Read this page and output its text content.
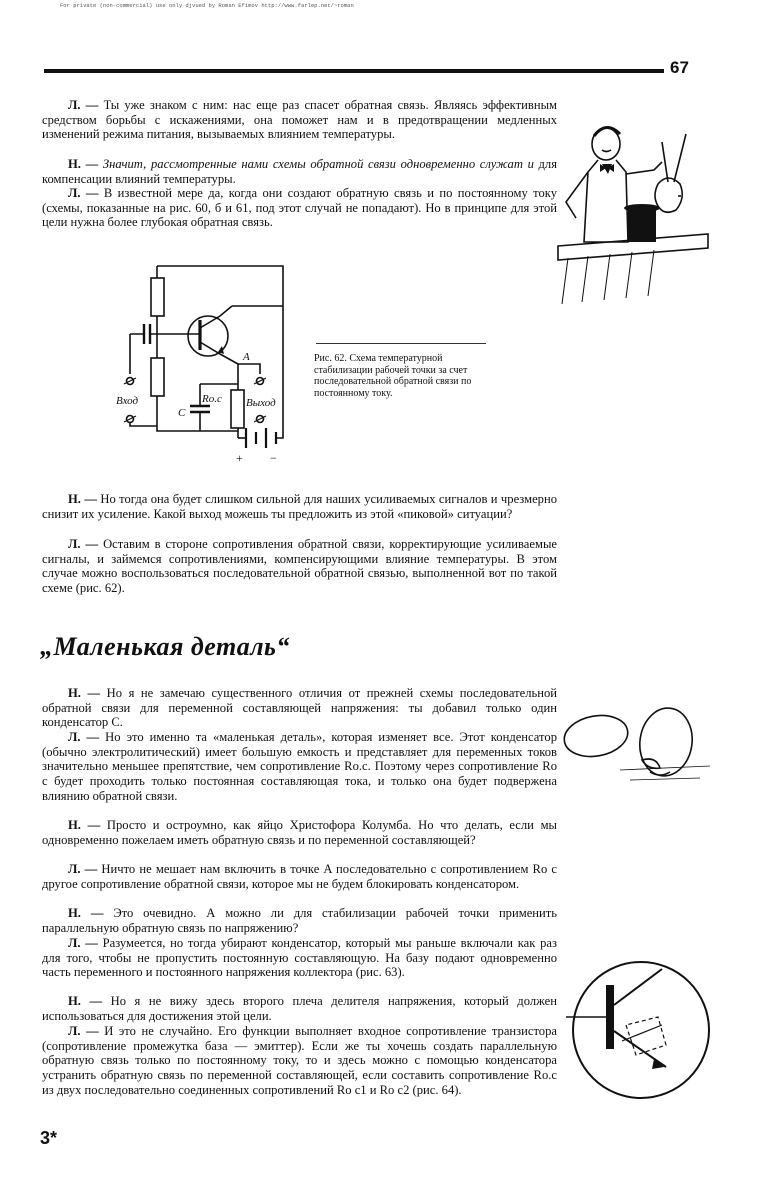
For private (non-commercial) use only djvued by Roman Efimov http://www.farlep.net/~roman
67

Л. — Ты уже знаком с ним: нас еще раз спасет обратная связь. Являясь эффективным средством борьбы с искажениями, она поможет нам и в предотвращении медленных изменений режима питания, вызываемых влиянием температуры.

Н. — Значит, рассмотренные нами схемы обратной связи одновременно служат и для компенсации влияний температуры.

Л. — В известной мере да, когда они создают обратную связь и по постоянному току (схемы, показанные на рис. 60, б и 61, под этот случай не попадают). Но в принципе для этой цели нужна более глубокая обратная связь.

Вход
A
Выход
C
Rо.с
+ −

Рис. 62. Схема температурной стабилизации рабочей точки за счет последовательной обратной связи по постоянному току.

Н. — Но тогда она будет слишком сильной для наших усиливаемых сигналов и чрезмерно снизит их усиление. Какой выход можешь ты предложить из этой «пиковой» ситуации?

Л. — Оставим в стороне сопротивления обратной связи, корректирующие усиливаемые сигналы, и займемся сопротивлениями, компенсирующими влияние температуры. В этом случае можно воспользоваться последовательной обратной связью, выполненной вот по такой схеме (рис. 62).

„Маленькая деталь“

Н. — Но я не замечаю существенного отличия от прежней схемы последовательной обратной связи для переменной составляющей напряжения: ты добавил только один конденсатор C.

Л. — Но это именно та «маленькая деталь», которая изменяет все. Этот конденсатор (обычно электролитический) имеет большую емкость и представляет для переменных токов значительно меньшее препятствие, чем сопротивление Rо.с. Поэтому через сопротивление Rо с будет проходить только постоянная составляющая тока, и только она будет подвержена влиянию обратной связи.

Н. — Просто и остроумно, как яйцо Христофора Колумба. Но что делать, если мы одновременно пожелаем иметь обратную связь и по переменной составляющей?

Л. — Ничто не мешает нам включить в точке A последовательно с сопротивлением Rо с другое сопротивление обратной связи, которое мы не будем блокировать конденсатором.

Н. — Это очевидно. А можно ли для стабилизации рабочей точки применить параллельную обратную связь по напряжению?

Л. — Разумеется, но тогда убирают конденсатор, который мы раньше включали как раз для того, чтобы не пропустить постоянную составляющую. На базу подают одновременно часть переменного и постоянного напряжения коллектора (рис. 63).

Н. — Но я не вижу здесь второго плеча делителя напряжения, который должен использоваться для достижения этой цели.

Л. — И это не случайно. Его функции выполняет входное сопротивление транзистора (сопротивление промежутка база — эмиттер). Если же ты хочешь создать параллельную обратную связь только по постоянному току, то и здесь можно с помощью конденсатора устранить обратную связь по переменной составляющей, если составить сопротивление Rо.с из двух последовательно соединенных сопротивлений Rо с1 и Rо с2 (рис. 64).

3*
